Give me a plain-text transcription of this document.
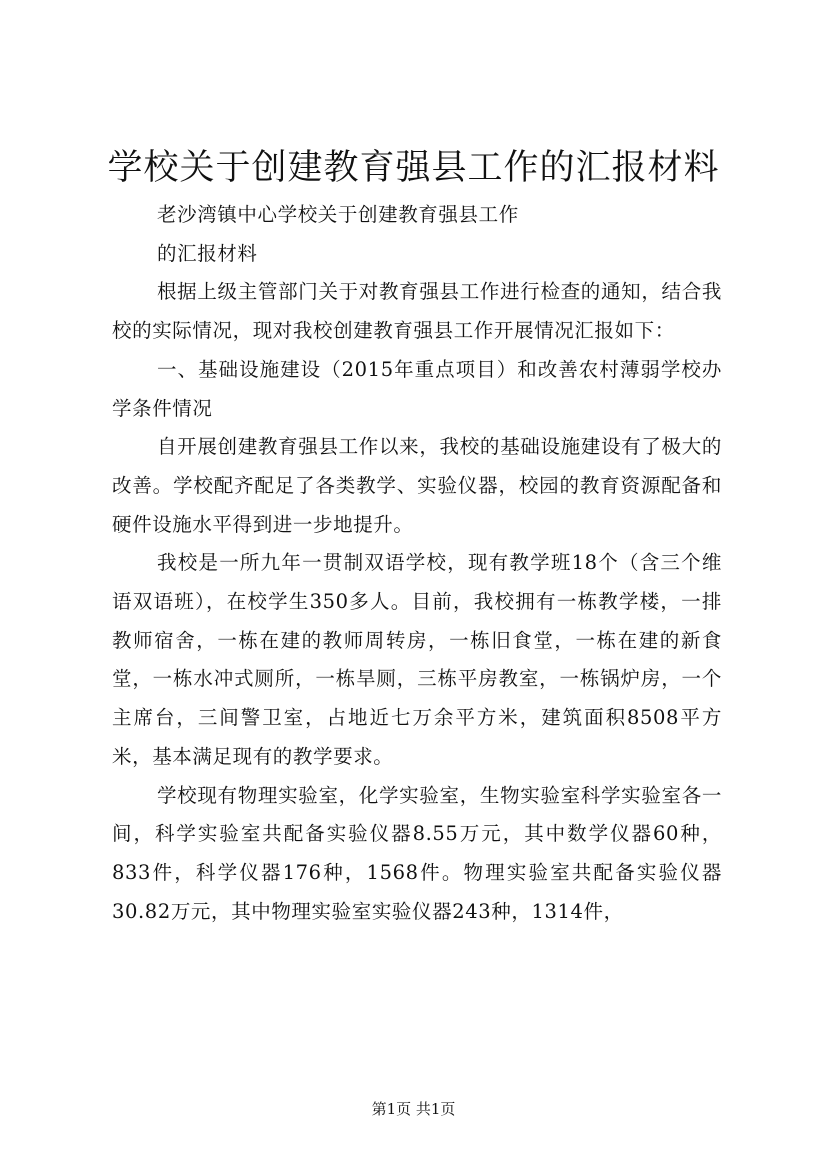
学校关于创建教育强县工作的汇报材料

老沙湾镇中心学校关于创建教育强县工作

的汇报材料

根据上级主管部门关于对教育强县工作进行检查的通知，结合我校的实际情况，现对我校创建教育强县工作开展情况汇报如下：

一、基础设施建设（2015年重点项目）和改善农村薄弱学校办学条件情况

自开展创建教育强县工作以来，我校的基础设施建设有了极大的改善。学校配齐配足了各类教学、实验仪器，校园的教育资源配备和硬件设施水平得到进一步地提升。

我校是一所九年一贯制双语学校，现有教学班18个（含三个维语双语班），在校学生350多人。目前，我校拥有一栋教学楼，一排教师宿舍，一栋在建的教师周转房，一栋旧食堂，一栋在建的新食堂，一栋水冲式厕所，一栋旱厕，三栋平房教室，一栋锅炉房，一个主席台，三间警卫室，占地近七万余平方米，建筑面积8508平方米，基本满足现有的教学要求。

学校现有物理实验室，化学实验室，生物实验室科学实验室各一间，科学实验室共配备实验仪器8.55万元，其中数学仪器60种，833件，科学仪器176种，1568件。物理实验室共配备实验仪器30.82万元，其中物理实验室实验仪器243种，1314件，

第1页 共1页
